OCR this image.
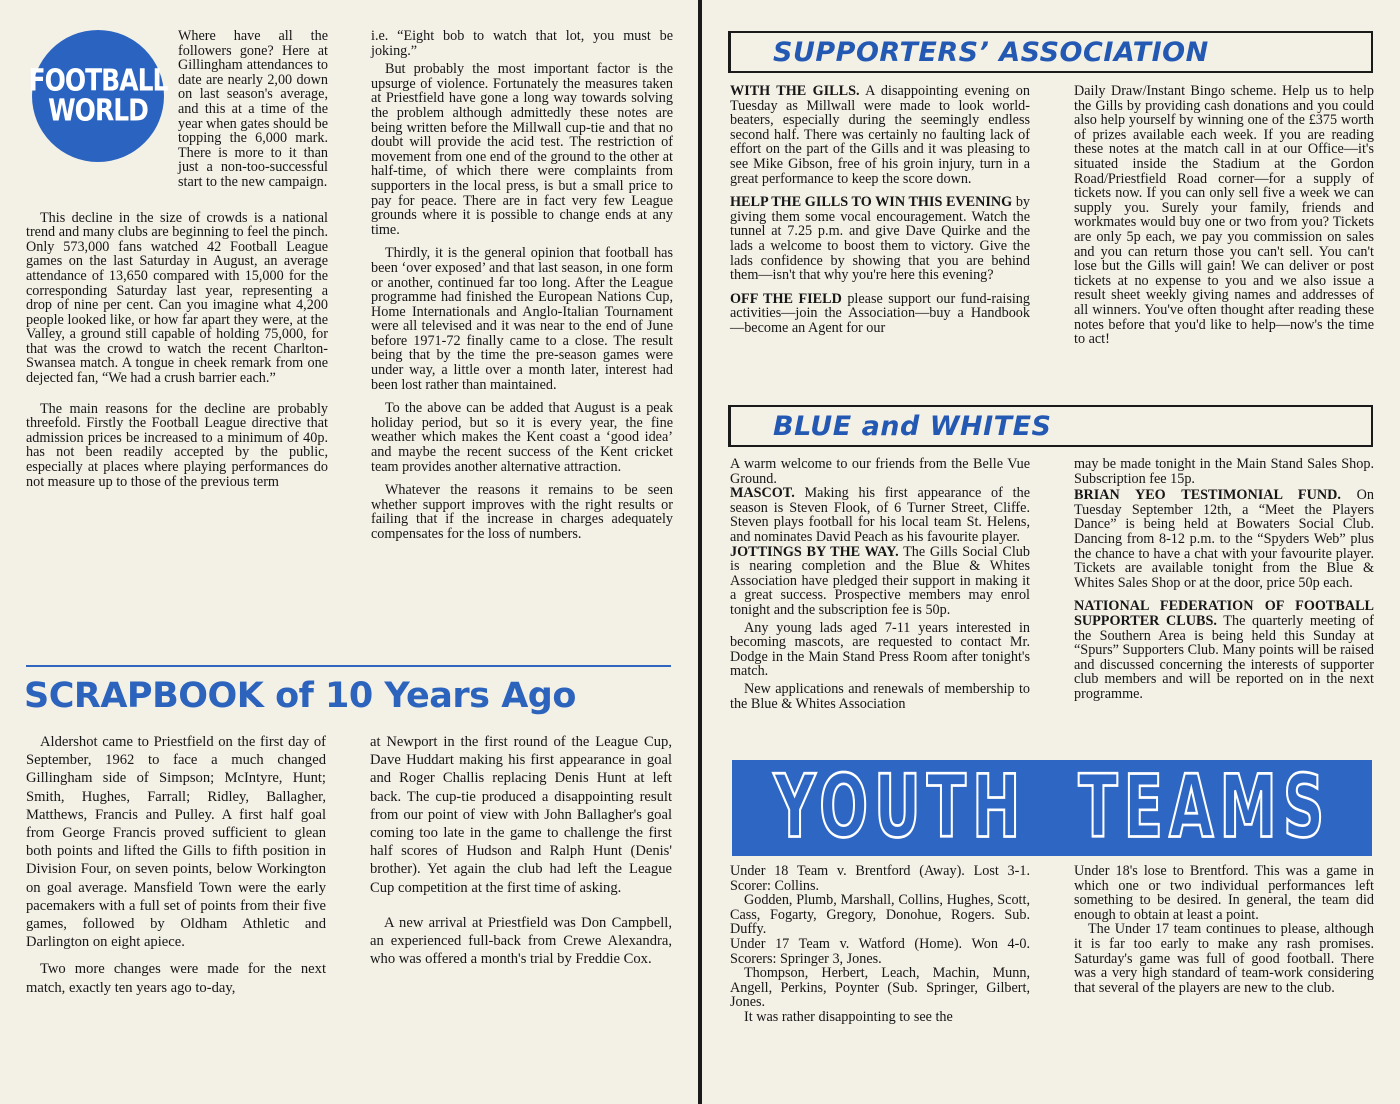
FOOTBALL
WORLD

Where have all the followers gone? Here at Gillingham attendances to date are nearly 2,00 down on last season's average, and this at a time of the year when gates should be topping the 6,000 mark. There is more to it than just a non-too-successful start to the new campaign.

This decline in the size of crowds is a national trend and many clubs are beginning to feel the pinch. Only 573,000 fans watched 42 Football League games on the last Saturday in August, an average attendance of 13,650 compared with 15,000 for the corresponding Saturday last year, representing a drop of nine per cent. Can you imagine what 4,200 people looked like, or how far apart they were, at the Valley, a ground still capable of holding 75,000, for that was the crowd to watch the recent Charlton-Swansea match. A tongue in cheek remark from one dejected fan, “We had a crush barrier each.”

The main reasons for the decline are probably threefold. Firstly the Football League directive that admission prices be increased to a minimum of 40p. has not been readily accepted by the public, especially at places where playing performances do not measure up to those of the previous term

i.e. “Eight bob to watch that lot, you must be joking.”

But probably the most important factor is the upsurge of violence. Fortunately the measures taken at Priestfield have gone a long way towards solving the problem although admittedly these notes are being written before the Millwall cup-tie and that no doubt will provide the acid test. The restriction of movement from one end of the ground to the other at half-time, of which there were complaints from supporters in the local press, is but a small price to pay for peace. There are in fact very few League grounds where it is possible to change ends at any time.

Thirdly, it is the general opinion that football has been ‘over exposed’ and that last season, in one form or another, continued far too long. After the League programme had finished the European Nations Cup, Home Internationals and Anglo-Italian Tournament were all televised and it was near to the end of June before 1971-72 finally came to a close. The result being that by the time the pre-season games were under way, a little over a month later, interest had been lost rather than maintained.

To the above can be added that August is a peak holiday period, but so it is every year, the fine weather which makes the Kent coast a ‘good idea’ and maybe the recent success of the Kent cricket team provides another alternative attraction.

Whatever the reasons it remains to be seen whether support improves with the right results or failing that if the increase in charges adequately compensates for the loss of numbers.

SCRAPBOOK of 10 Years Ago

Aldershot came to Priestfield on the first day of September, 1962 to face a much changed Gillingham side of Simpson; McIntyre, Hunt; Smith, Hughes, Farrall; Ridley, Ballagher, Matthews, Francis and Pulley. A first half goal from George Francis proved sufficient to glean both points and lifted the Gills to fifth position in Division Four, on seven points, below Workington on goal average. Mansfield Town were the early pacemakers with a full set of points from their five games, followed by Oldham Athletic and Darlington on eight apiece.

Two more changes were made for the next match, exactly ten years ago to-day,

at Newport in the first round of the League Cup, Dave Huddart making his first appearance in goal and Roger Challis replacing Denis Hunt at left back. The cup-tie produced a disappointing result from our point of view with John Ballagher's goal coming too late in the game to challenge the first half scores of Hudson and Ralph Hunt (Denis' brother). Yet again the club had left the League Cup competition at the first time of asking.

A new arrival at Priestfield was Don Campbell, an experienced full-back from Crewe Alexandra, who was offered a month's trial by Freddie Cox.

SUPPORTERS’ ASSOCIATION

WITH THE GILLS. A disappointing evening on Tuesday as Millwall were made to look world-beaters, especially during the seemingly endless second half. There was certainly no faulting lack of effort on the part of the Gills and it was pleasing to see Mike Gibson, free of his groin injury, turn in a great performance to keep the score down.

HELP THE GILLS TO WIN THIS EVENING by giving them some vocal encouragement. Watch the tunnel at 7.25 p.m. and give Dave Quirke and the lads a welcome to boost them to victory. Give the lads confidence by showing that you are behind them—isn't that why you're here this evening?

OFF THE FIELD please support our fund-raising activities—join the Association—buy a Handbook—become an Agent for our

Daily Draw/Instant Bingo scheme. Help us to help the Gills by providing cash donations and you could also help yourself by winning one of the £375 worth of prizes available each week. If you are reading these notes at the match call in at our Office—it's situated inside the Stadium at the Gordon Road/Priestfield Road corner—for a supply of tickets now. If you can only sell five a week we can supply you. Surely your family, friends and workmates would buy one or two from you? Tickets are only 5p each, we pay you commission on sales and you can return those you can't sell. You can't lose but the Gills will gain! We can deliver or post tickets at no expense to you and we also issue a result sheet weekly giving names and addresses of all winners. You've often thought after reading these notes before that you'd like to help—now's the time to act!

BLUE and WHITES

A warm welcome to our friends from the Belle Vue Ground.

MASCOT. Making his first appearance of the season is Steven Flook, of 6 Turner Street, Cliffe. Steven plays football for his local team St. Helens, and nominates David Peach as his favourite player.

JOTTINGS BY THE WAY. The Gills Social Club is nearing completion and the Blue & Whites Association have pledged their support in making it a great success. Prospective members may enrol tonight and the subscription fee is 50p.

Any young lads aged 7-11 years interested in becoming mascots, are requested to contact Mr. Dodge in the Main Stand Press Room after tonight's match.

New applications and renewals of membership to the Blue & Whites Association

may be made tonight in the Main Stand Sales Shop. Subscription fee 15p.

BRIAN YEO TESTIMONIAL FUND. On Tuesday September 12th, a “Meet the Players Dance” is being held at Bowaters Social Club. Dancing from 8-12 p.m. to the “Spyders Web” plus the chance to have a chat with your favourite player. Tickets are available tonight from the Blue & Whites Sales Shop or at the door, price 50p each.

NATIONAL FEDERATION OF FOOTBALL SUPPORTER CLUBS. The quarterly meeting of the Southern Area is being held this Sunday at “Spurs” Supporters Club. Many points will be raised and discussed concerning the interests of supporter club members and will be reported on in the next programme.

YOUTH  TEAMS

Under 18 Team v. Brentford (Away). Lost 3-1. Scorer: Collins.

Godden, Plumb, Marshall, Collins, Hughes, Scott, Cass, Fogarty, Gregory, Donohue, Rogers. Sub. Duffy.

Under 17 Team v. Watford (Home). Won 4-0. Scorers: Springer 3, Jones.

Thompson, Herbert, Leach, Machin, Munn, Angell, Perkins, Poynter (Sub. Springer, Gilbert, Jones.

It was rather disappointing to see the

Under 18's lose to Brentford. This was a game in which one or two individual performances left something to be desired. In general, the team did enough to obtain at least a point.

The Under 17 team continues to please, although it is far too early to make any rash promises. Saturday's game was full of good football. There was a very high standard of team-work considering that several of the players are new to the club.
